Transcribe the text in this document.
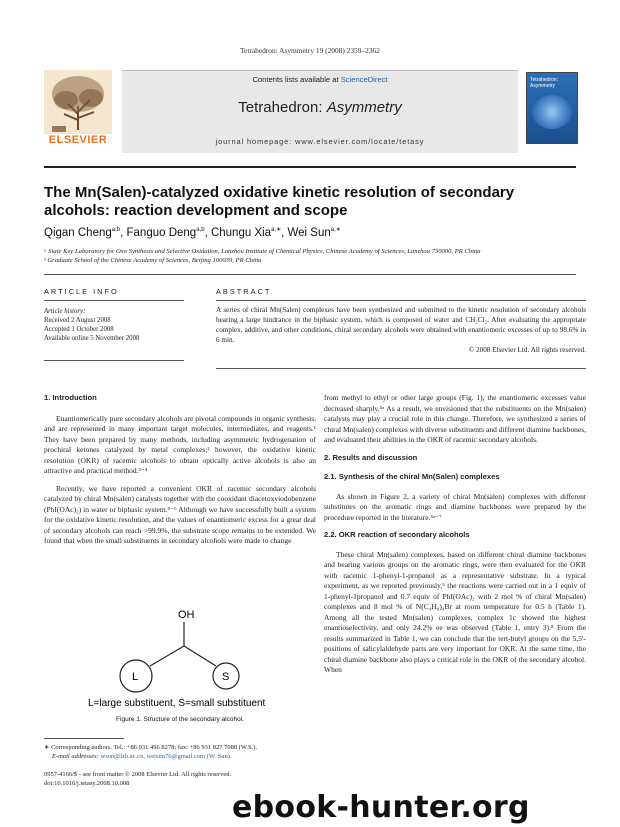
Tetrahedron: Asymmetry 19 (2008) 2359–2362
ELSEVIER
Contents lists available at ScienceDirect
Tetrahedron: Asymmetry
journal homepage: www.elsevier.com/locate/tetasy
Tetrahedron: Asymmetry
The Mn(Salen)-catalyzed oxidative kinetic resolution of secondary alcohols: reaction development and scope
Qigan Cheng$^{a,b}$, Fanguo Deng$^{a,b}$, Chungu Xia$^{a,∗}$, Wei Sun$^{a,∗}$
ᵃ State Key Laboratory for Oxo Synthesis and Selective Oxidation, Lanzhou Institute of Chemical Physics, Chinese Academy of Sciences, Lanzhou 730000, PR China
ᵇ Graduate School of the Chinese Academy of Sciences, Beijing 100039, PR China
ARTICLE INFO
Article history:
Received 2 August 2008
Accepted 1 October 2008
Available online 5 November 2008
ABSTRACT
A series of chiral Mn(Salen) complexes have been synthesized and submitted to the kinetic resolution of secondary alcohols bearing a large hindrance in the biphasic system, which is composed of water and CH₂Cl₂. After evaluating the appropriate complex, additive, and other conditions, chiral secondary alcohols were obtained with enantiomeric excesses of up to 98.6% in 6 min.
© 2008 Elsevier Ltd. All rights reserved.
1. Introduction

Enantiomerically pure secondary alcohols are pivotal compounds in organic synthesis, and are represented in many important target molecules, intermediates, and reagents.¹ They have been prepared by many methods, including asymmetric hydrogenation of prochiral ketones catalyzed by metal complexes;² however, the oxidative kinetic resolution (OKR) of racemic alcohols to obtain optically active alcohols is also an attractive and practical method.³⁻⁴

Recently, we have reported a convenient OKR of racemic secondary alcohols catalyzed by chiral Mn(salen) catalysts together with the cooxidant diacetoxyiodobenzene (PhI(OAc)₂) in water or biphasic system.⁵⁻⁶ Although we have successfully built a system for the oxidative kinetic resolution, and the values of enantiomeric excess for a great deal of secondary alcohols can reach >99.9%, the substrate scope remains to be extended. We found that when the small substituents in secondary alcohols were made to change

OH
L	S
L=large substituent, S=small substituent
Figure 1. Structure of the secondary alcohol.
∗ Corresponding authors. Tel.: +86 931 496 8278; fax: +86 931 827 7088 (W.S.).
E-mail addresses: wsun@lzb.ac.cn, weisun76@gmail.com (W. Sun).
0957-4166/$ - see front matter © 2008 Elsevier Ltd. All rights reserved.
doi:10.1016/j.tetasy.2008.10.008

from methyl to ethyl or other large groups (Fig. 1), the enantiomeric excesses value decreased sharply.⁵ᵃ As a result, we envisioned that the substituents on the Mn(salen) catalysts may play a crucial role in this change. Therefore, we synthesized a series of chiral Mn(salen) complexes with diverse substituents and different diamine backbones, and evaluated their abilities in the OKR of racemic secondary alcohols.

2. Results and discussion
2.1. Synthesis of the chiral Mn(Salen) complexes

As shown in Figure 2, a variety of chiral Mn(salen) complexes with different substitutes on the aromatic rings and diamine backbones were prepared by the procedure reported in the literature.⁵ᵃ⁻⁷

2.2. OKR reaction of secondary alcohols

These chiral Mn(salen) complexes, based on different chiral diamine backbones and bearing various groups on the aromatic rings, were then evaluated for the OKR with racemic 1-phenyl-1-propanol as a representative substrate. In a typical experiment, as we reported previously,⁵ the reactions were carried out in a 1 equiv of 1-phenyl-1propanol and 0.7 equiv of PhI(OAc)₂ with 2 mol % of chiral Mn(salen) complexes and 8 mol % of N(C₄H₉)₄Br at room temperature for 0.5 h (Table 1). Among all the tested Mn(salen) complexes, complex 1c showed the highest enantioselectivity, and only 24.2% ee was observed (Table 1, entry 3).⁸ From the results summarized in Table 1, we can conclude that the tert-butyl groups on the 5,5′-positions of salicylaldehyde parts are very important for OKR. At the same time, the chiral diamine backbone also plays a critical role in the OKR of the secondary alcohol. When

ebook-hunter.org
